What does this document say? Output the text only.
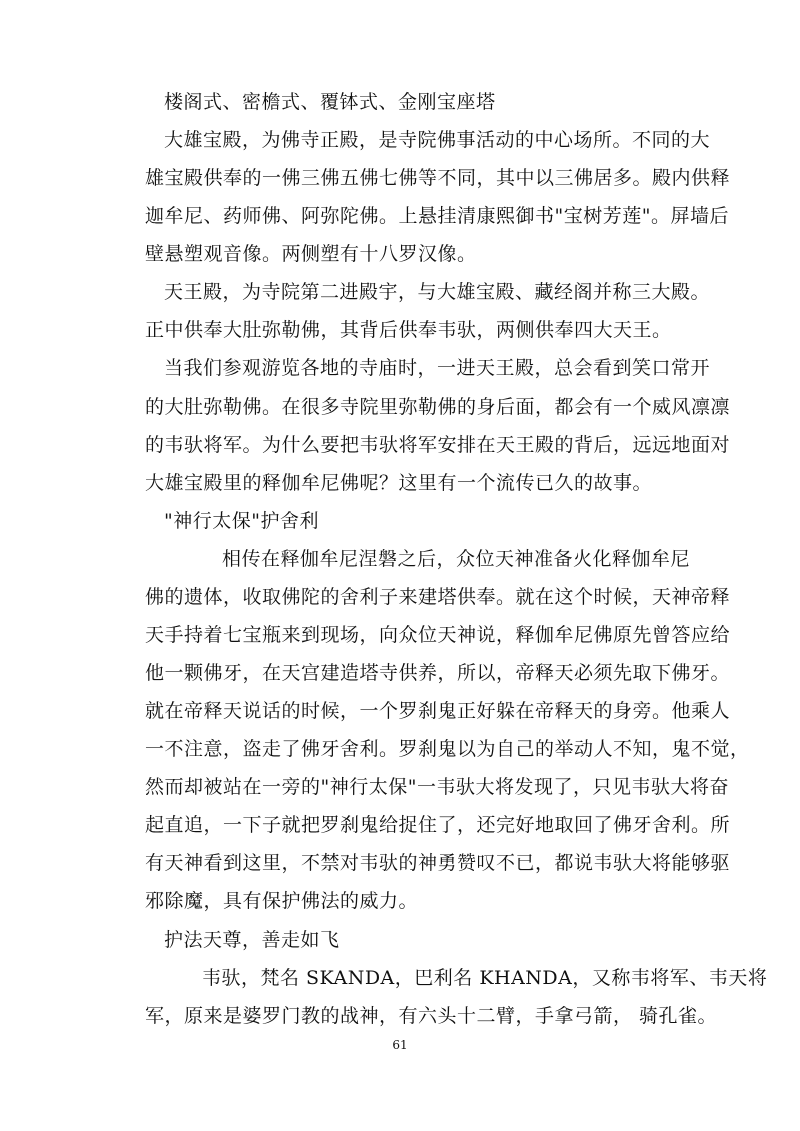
楼阁式、密檐式、覆钵式、金刚宝座塔
大雄宝殿，为佛寺正殿，是寺院佛事活动的中心场所。不同的大
雄宝殿供奉的一佛三佛五佛七佛等不同，其中以三佛居多。殿内供释
迦牟尼、药师佛、阿弥陀佛。上悬挂清康熙御书"宝树芳莲"。屏墙后
壁悬塑观音像。两侧塑有十八罗汉像。
天王殿，为寺院第二进殿宇，与大雄宝殿、藏经阁并称三大殿。
正中供奉大肚弥勒佛，其背后供奉韦驮，两侧供奉四大天王。
当我们参观游览各地的寺庙时，一进天王殿，总会看到笑口常开
的大肚弥勒佛。在很多寺院里弥勒佛的身后面，都会有一个威风凛凛
的韦驮将军。为什么要把韦驮将军安排在天王殿的背后，远远地面对
大雄宝殿里的释伽牟尼佛呢？这里有一个流传已久的故事。
"神行太保"护舍利
相传在释伽牟尼涅磐之后，众位天神准备火化释伽牟尼
佛的遗体，收取佛陀的舍利子来建塔供奉。就在这个时候，天神帝释
天手持着七宝瓶来到现场，向众位天神说，释伽牟尼佛原先曾答应给
他一颗佛牙，在天宫建造塔寺供养，所以，帝释天必须先取下佛牙。
就在帝释天说话的时候，一个罗刹鬼正好躲在帝释天的身旁。他乘人
一不注意，盗走了佛牙舍利。罗刹鬼以为自己的举动人不知，鬼不觉，
然而却被站在一旁的"神行太保"一韦驮大将发现了，只见韦驮大将奋
起直追，一下子就把罗刹鬼给捉住了，还完好地取回了佛牙舍利。所
有天神看到这里，不禁对韦驮的神勇赞叹不已，都说韦驮大将能够驱
邪除魔，具有保护佛法的威力。
护法天尊，善走如飞
韦驮，梵名 SKANDA，巴利名 KHANDA，又称韦将军、韦天将
军，原来是婆罗门教的战神，有六头十二臂，手拿弓箭， 骑孔雀。
61
